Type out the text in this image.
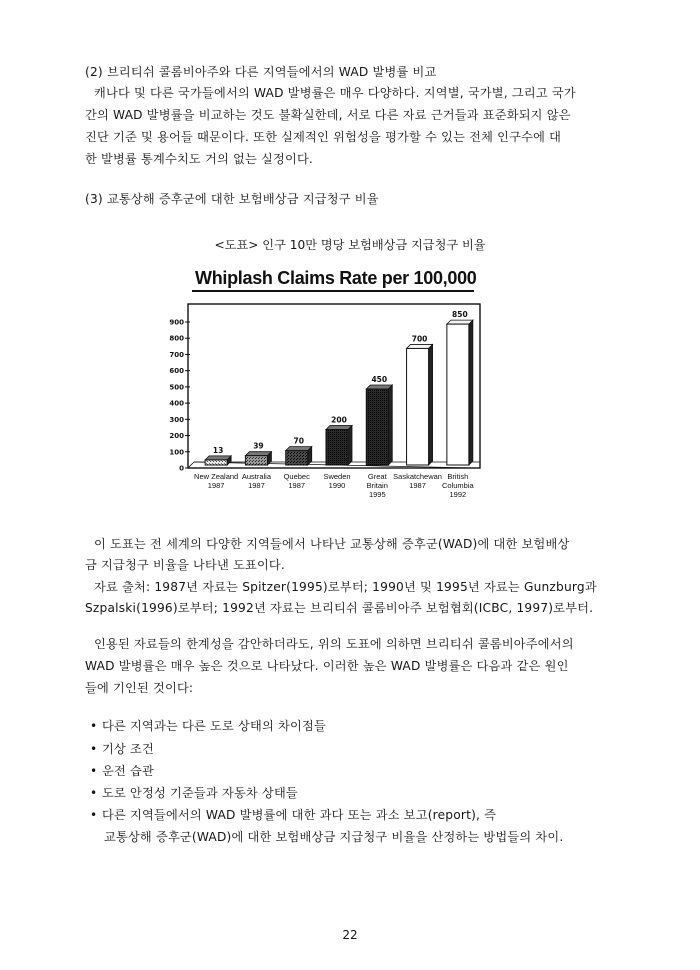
(2) 브리티쉬 콜롬비아주와 다른 지역들에서의 WAD 발병률 비교
캐나다 및 다른 국가들에서의 WAD 발병률은 매우 다양하다. 지역별, 국가별, 그리고 국가
간의 WAD 발병률을 비교하는 것도 불확실한데, 서로 다른 자료 근거들과 표준화되지 않은
진단 기준 및 용어들 때문이다. 또한 실제적인 위험성을 평가할 수 있는 전체 인구수에 대
한 발병률 통계수치도 거의 없는 실정이다.
(3) 교통상해 증후군에 대한 보험배상금 지급청구 비율
<도표> 인구 10만 명당 보험배상금 지급청구 비율
Whiplash Claims Rate per 100,000
0
100
200
300
400
500
600
700
800
900
13	39
70
200
450
700
850
New Zealand
1987
Australia
1987
Quebec
1987
Sweden
1990
Great
Britain
1995
Saskatchewan
1987
British
Columbia
1992
이 도표는 전 세계의 다양한 지역들에서 나타난 교통상해 증후군(WAD)에 대한 보험배상
금 지급청구 비율을 나타낸 도표이다.
자료 출처: 1987년 자료는 Spitzer(1995)로부터; 1990년 및 1995년 자료는 Gunzburg과
Szpalski(1996)로부터; 1992년 자료는 브리티쉬 콜롬비아주 보험협회(ICBC, 1997)로부터.
인용된 자료들의 한계성을 감안하더라도, 위의 도표에 의하면 브리티쉬 콜롬비아주에서의
WAD 발병률은 매우 높은 것으로 나타났다. 이러한 높은 WAD 발병률은 다음과 같은 원인
들에 기인된 것이다:
• 다른 지역과는 다른 도로 상태의 차이점들
• 기상 조건
• 운전 습관
• 도로 안정성 기준들과 자동차 상태들
• 다른 지역들에서의 WAD 발병률에 대한 과다 또는 과소 보고(report), 즉
교통상해 증후군(WAD)에 대한 보험배상금 지급청구 비율을 산정하는 방법들의 차이.
22
